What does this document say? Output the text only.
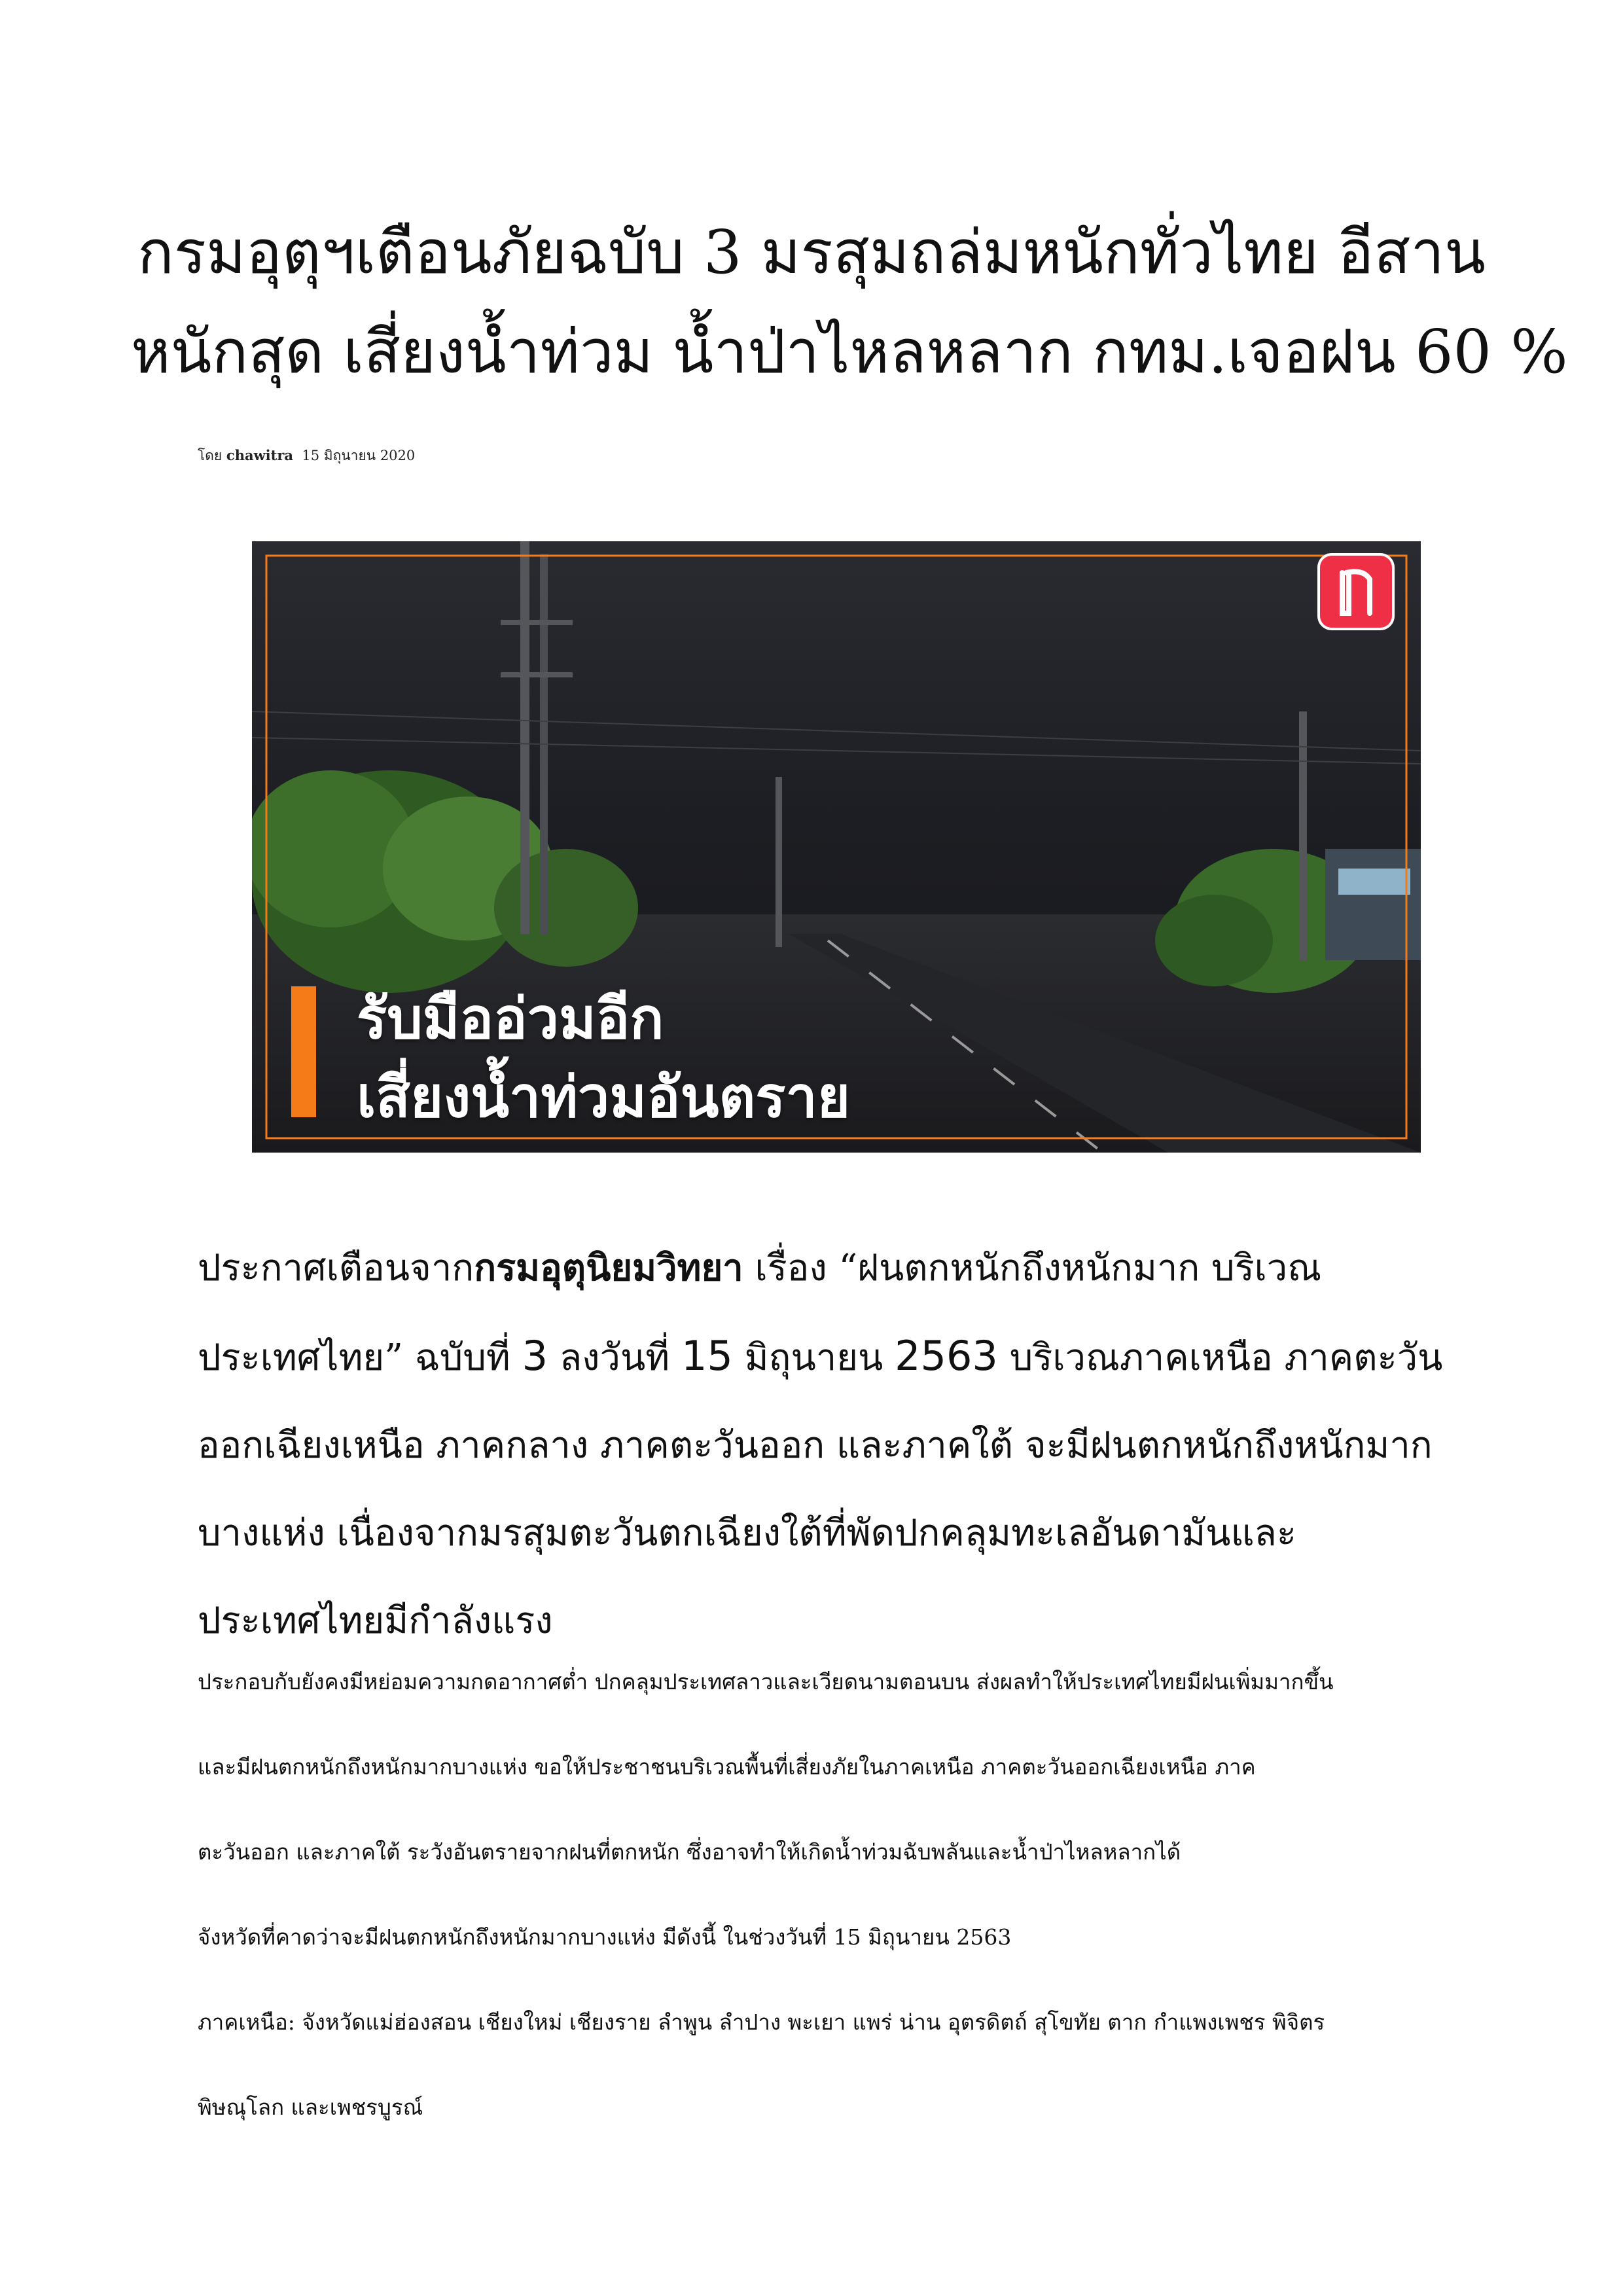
กรมอุตุฯเตือนภัยฉบับ 3 มรสุมถล่มหนักทั่วไทย อีสาน
หนักสุด เสี่ยงน้ำท่วม น้ำป่าไหลหลาก กทม.เจอฝน 60 %
โดย chawitra 15 มิถุนายน 2020
รับมืออ่วมอีก
เสี่ยงน้ำท่วมอันตราย

ประกาศเตือนจากกรมอุตุนิยมวิทยา เรื่อง “ฝนตกหนักถึงหนักมาก บริเวณประเทศไทย” ฉบับที่ 3 ลงวันที่ 15 มิถุนายน 2563 บริเวณภาคเหนือ ภาคตะวันออกเฉียงเหนือ ภาคกลาง ภาคตะวันออก และภาคใต้ จะมีฝนตกหนักถึงหนักมากบางแห่ง เนื่องจากมรสุมตะวันตกเฉียงใต้ที่พัดปกคลุมทะเลอันดามันและประเทศไทยมีกำลังแรง

ประกอบกับยังคงมีหย่อมความกดอากาศต่ำ ปกคลุมประเทศลาวและเวียดนามตอนบน ส่งผลทำให้ประเทศไทยมีฝนเพิ่มมากขึ้น

และมีฝนตกหนักถึงหนักมากบางแห่ง ขอให้ประชาชนบริเวณพื้นที่เสี่ยงภัยในภาคเหนือ ภาคตะวันออกเฉียงเหนือ ภาค

ตะวันออก และภาคใต้ ระวังอันตรายจากฝนที่ตกหนัก ซึ่งอาจทำให้เกิดน้ำท่วมฉับพลันและน้ำป่าไหลหลากได้

จังหวัดที่คาดว่าจะมีฝนตกหนักถึงหนักมากบางแห่ง มีดังนี้ ในช่วงวันที่ 15 มิถุนายน 2563

ภาคเหนือ: จังหวัดแม่ฮ่องสอน เชียงใหม่ เชียงราย ลำพูน ลำปาง พะเยา แพร่ น่าน อุตรดิตถ์ สุโขทัย ตาก กำแพงเพชร พิจิตร

พิษณุโลก และเพชรบูรณ์
